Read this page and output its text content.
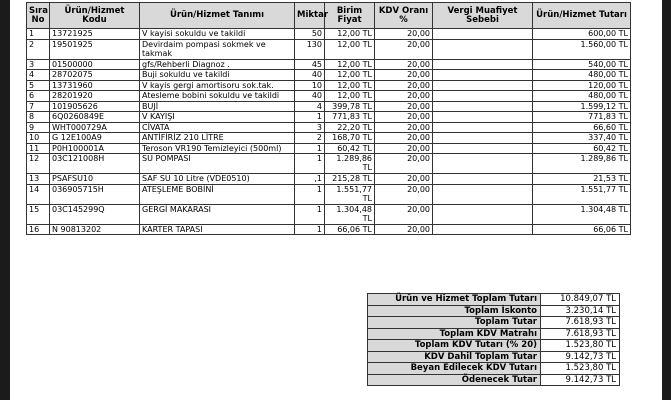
Sıra No	Ürün/Hizmet Kodu	Ürün/Hizmet Tanımı	Miktar	Birim Fiyat	KDV Oranı %	Vergi Muafiyet Sebebi	Ürün/Hizmet Tutarı
1	13721925	V kayisi sokuldu ve takildi	50	12,00 TL	20,00		600,00 TL
2	19501925	Devirdaim pompasi sokmek ve takmak	130	12,00 TL	20,00		1.560,00 TL
3	01500000	gfs/Rehberli Diagnoz .	45	12,00 TL	20,00		540,00 TL
4	28702075	Buji sokuldu ve takildi	40	12,00 TL	20,00		480,00 TL
5	13731960	V kayis gergi amortisoru sok.tak.	10	12,00 TL	20,00		120,00 TL
6	28201920	Atesleme bobini sokuldu ve takildi	40	12,00 TL	20,00		480,00 TL
7	101905626	BUJİ	4	399,78 TL	20,00		1.599,12 TL
8	6Q0260849E	V KAYIŞI	1	771,83 TL	20,00		771,83 TL
9	WHT000729A	CİVATA	3	22,20 TL	20,00		66,60 TL
10	G 12E100A9	ANTİFİRİZ 210 LİTRE	2	168,70 TL	20,00		337,40 TL
11	P0H100001A	Teroson VR190 Temizleyici (500ml)	1	60,42 TL	20,00		60,42 TL
12	03C121008H	SU POMPASI	1	1.289,86 TL	20,00		1.289,86 TL
13	PSAFSU10	SAF SU 10 Litre (VDE0510)	,1	215,28 TL	20,00		21,53 TL
14	036905715H	ATEŞLEME BOBİNİ	1	1.551,77 TL	20,00		1.551,77 TL
15	03C145299Q	GERGİ MAKARASI	1	1.304,48 TL	20,00		1.304,48 TL
16	N 90813202	KARTER TAPASI	1	66,06 TL	20,00		66,06 TL
Ürün ve Hizmet Toplam Tutarı	10.849,07 TL
Toplam İskonto	3.230,14 TL
Toplam Tutar	7.618,93 TL
Toplam KDV Matrahı	7.618,93 TL
Toplam KDV Tutarı (% 20)	1.523,80 TL
KDV Dahil Toplam Tutar	9.142,73 TL
Beyan Edilecek KDV Tutarı	1.523,80 TL
Ödenecek Tutar	9.142,73 TL
